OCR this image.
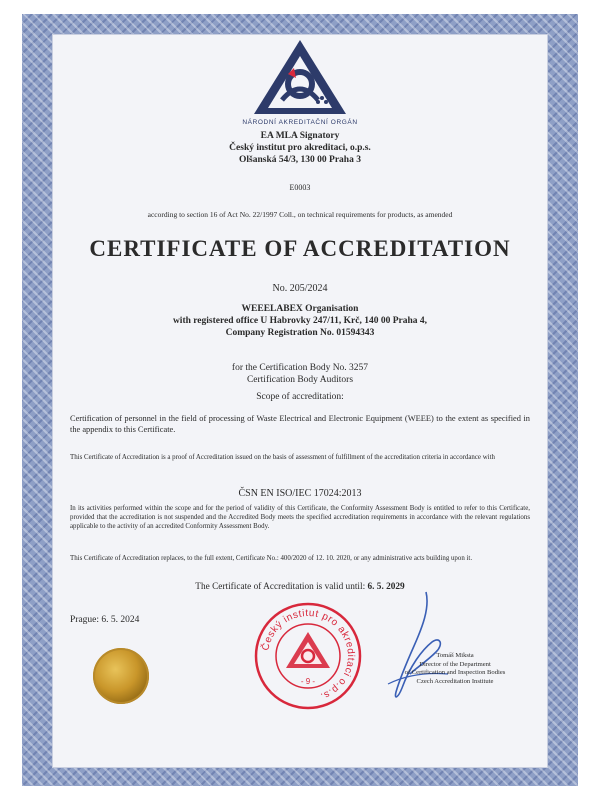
NÁRODNÍ AKREDITAČNÍ ORGÁN
EA MLA Signatory
Český institut pro akreditaci, o.p.s.
Olšanská 54/3, 130 00 Praha 3
E0003
according to section 16 of Act No. 22/1997 Coll., on technical requirements for products, as amended
CERTIFICATE OF ACCREDITATION
No. 205/2024
WEEELABEX Organisation
with registered office U Habrovky 247/11, Krč, 140 00 Praha 4,
Company Registration No. 01594343
for the Certification Body No. 3257
Certification Body Auditors
Scope of accreditation:
Certification of personnel in the field of processing of Waste Electrical and Electronic Equipment (WEEE) to the extent as specified in the appendix to this Certificate.
This Certificate of Accreditation is a proof of Accreditation issued on the basis of assessment of fulfillment of the accreditation criteria in accordance with
ČSN EN ISO/IEC 17024:2013
In its activities performed within the scope and for the period of validity of this Certificate, the Conformity Assessment Body is entitled to refer to this Certificate, provided that the accreditation is not suspended and the Accredited Body meets the specified accreditation requirements in accordance with the relevant regulations applicable to the activity of an accredited Conformity Assessment Body.
This Certificate of Accreditation replaces, to the full extent, Certificate No.: 400/2020 of 12. 10. 2020, or any administrative acts building upon it.
The Certificate of Accreditation is valid until: 6. 5. 2029
Prague: 6. 5. 2024
Český institut pro akreditaci o.p.s.
- 9 -
Tomáš Miksta
Director of the Department
of Certification and Inspection Bodies
Czech Accreditation Institute
